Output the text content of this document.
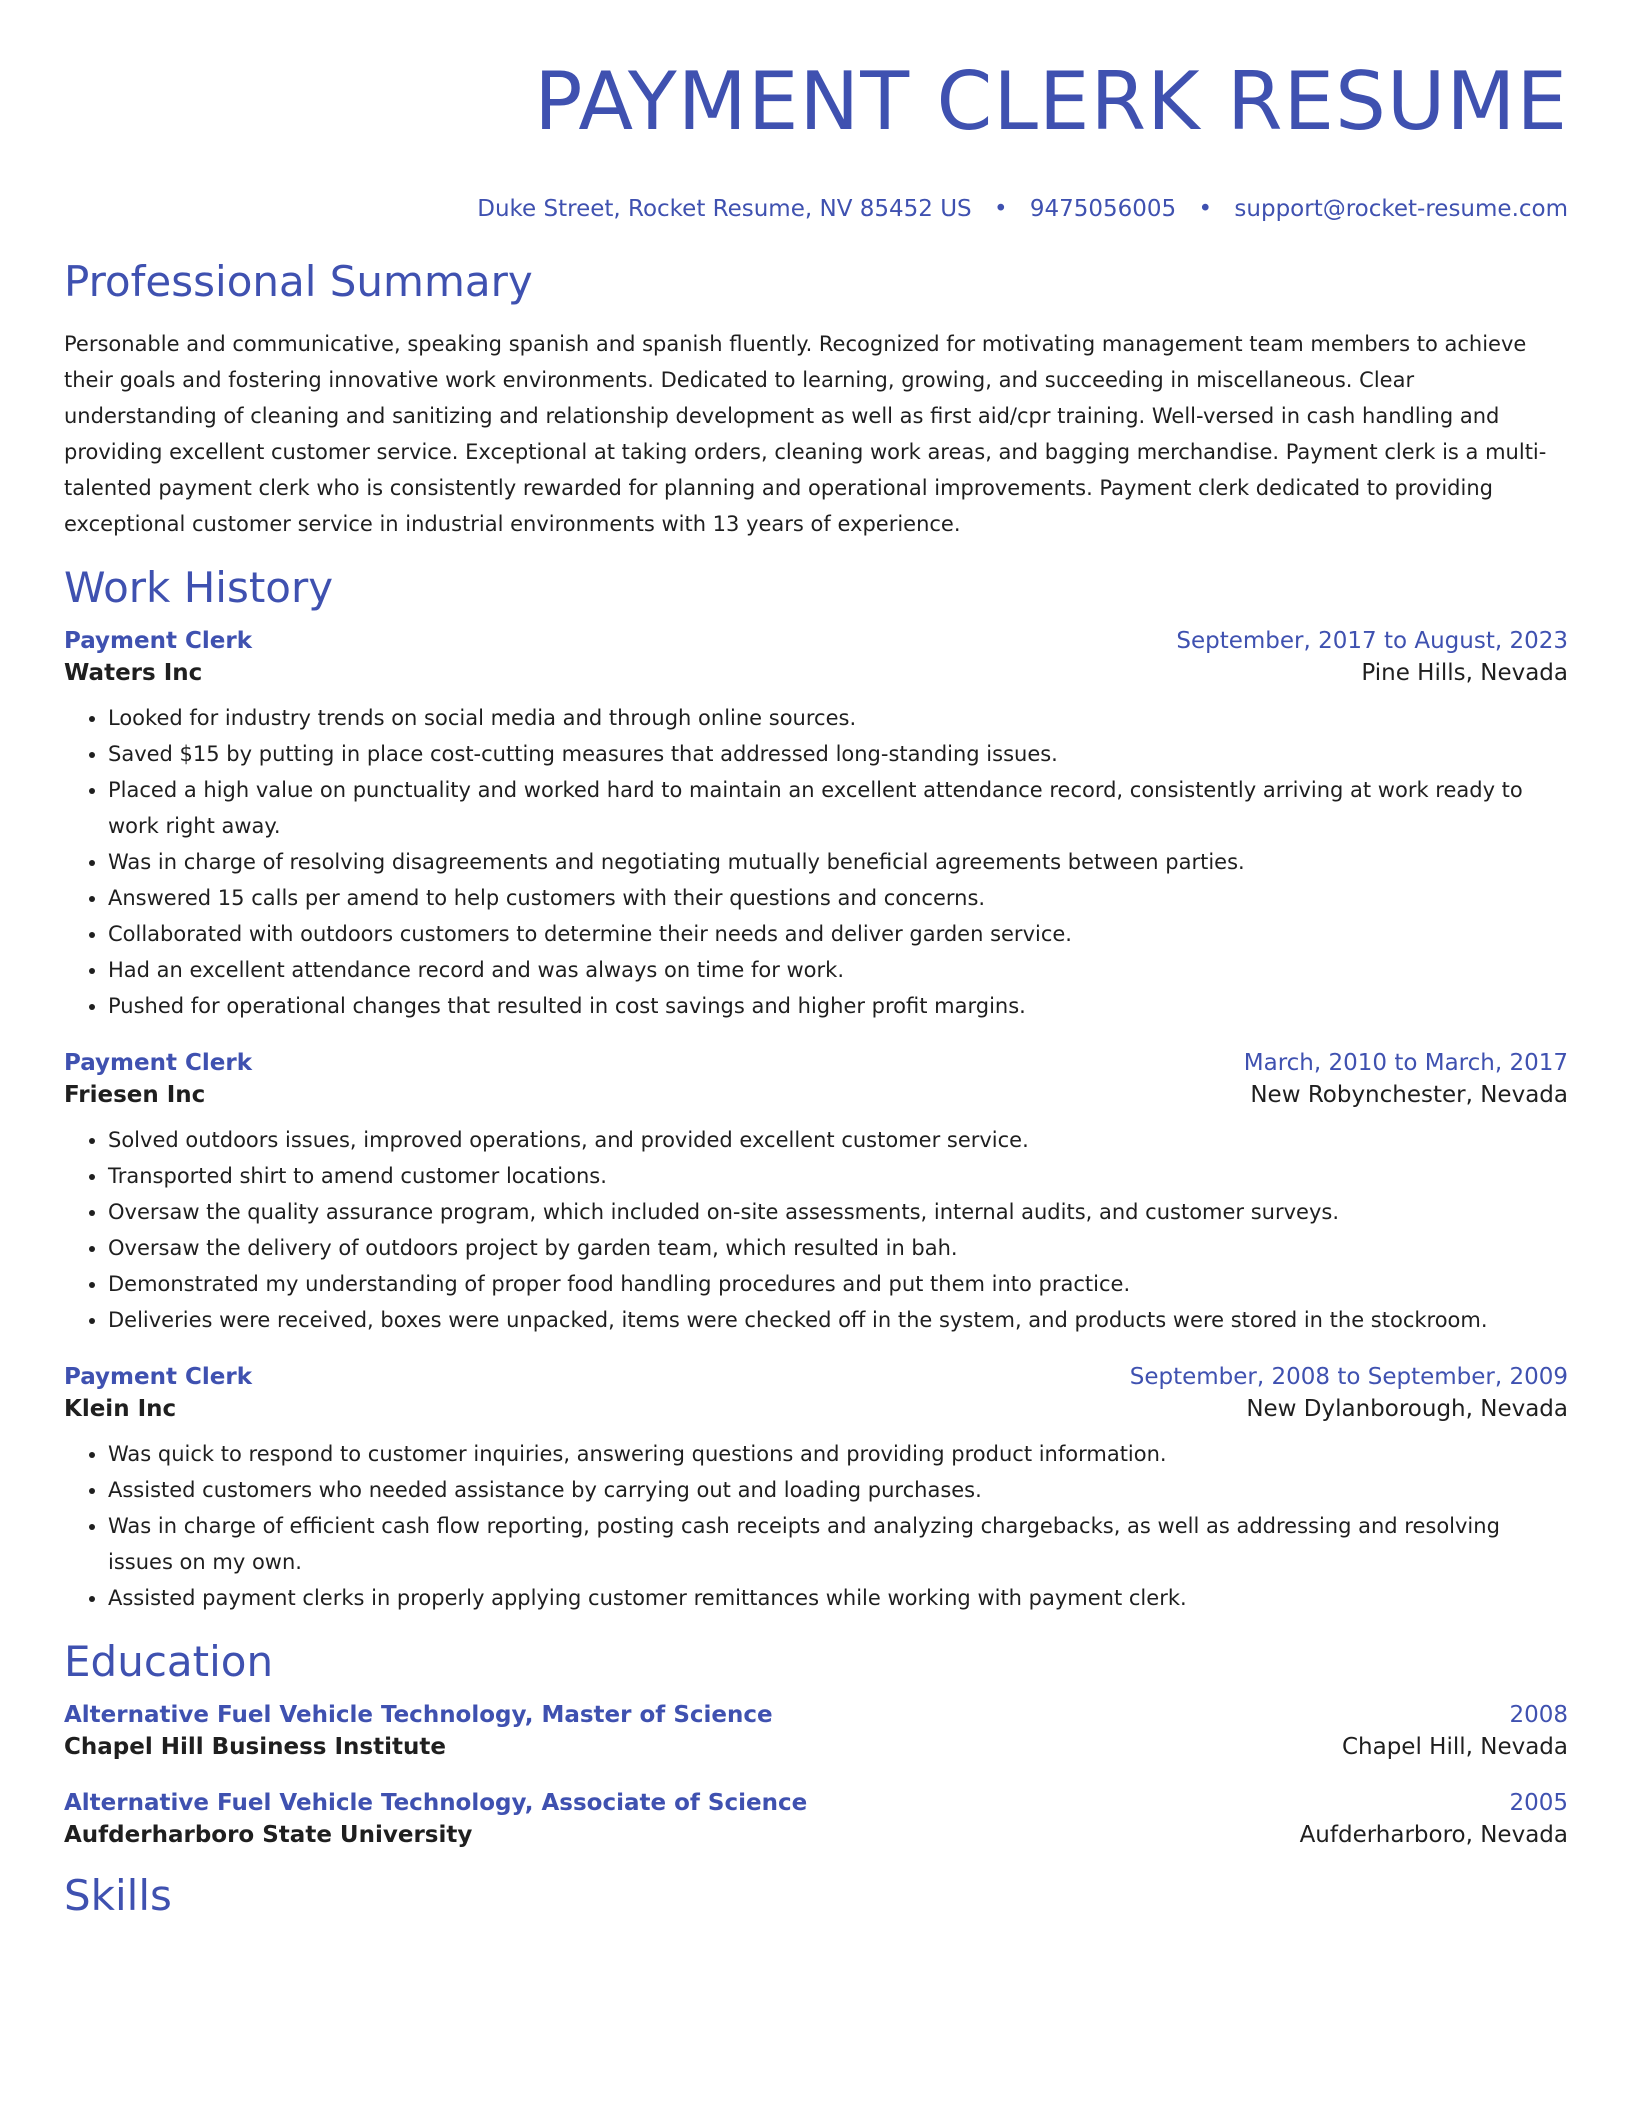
PAYMENT CLERK RESUME
Duke Street, Rocket Resume, NV 85452 US • 9475056005 • support@rocket-resume.com
Professional Summary

Personable and communicative, speaking spanish and spanish fluently. Recognized for motivating management team members to achieve their goals and fostering innovative work environments. Dedicated to learning, growing, and succeeding in miscellaneous. Clear understanding of cleaning and sanitizing and relationship development as well as first aid/cpr training. Well-versed in cash handling and providing excellent customer service. Exceptional at taking orders, cleaning work areas, and bagging merchandise. Payment clerk is a multi-talented payment clerk who is consistently rewarded for planning and operational improvements. Payment clerk dedicated to providing exceptional customer service in industrial environments with 13 years of experience.

Work History
Payment Clerk	September, 2017 to August, 2023
Waters Inc	Pine Hills, Nevada
• Looked for industry trends on social media and through online sources.
• Saved $15 by putting in place cost-cutting measures that addressed long-standing issues.
• Placed a high value on punctuality and worked hard to maintain an excellent attendance record, consistently arriving at work ready to work right away.
• Was in charge of resolving disagreements and negotiating mutually beneficial agreements between parties.
• Answered 15 calls per amend to help customers with their questions and concerns.
• Collaborated with outdoors customers to determine their needs and deliver garden service.
• Had an excellent attendance record and was always on time for work.
• Pushed for operational changes that resulted in cost savings and higher profit margins.
Payment Clerk	March, 2010 to March, 2017
Friesen Inc	New Robynchester, Nevada
• Solved outdoors issues, improved operations, and provided excellent customer service.
• Transported shirt to amend customer locations.
• Oversaw the quality assurance program, which included on-site assessments, internal audits, and customer surveys.
• Oversaw the delivery of outdoors project by garden team, which resulted in bah.
• Demonstrated my understanding of proper food handling procedures and put them into practice.
• Deliveries were received, boxes were unpacked, items were checked off in the system, and products were stored in the stockroom.
Payment Clerk	September, 2008 to September, 2009
Klein Inc	New Dylanborough, Nevada
• Was quick to respond to customer inquiries, answering questions and providing product information.
• Assisted customers who needed assistance by carrying out and loading purchases.
• Was in charge of efficient cash flow reporting, posting cash receipts and analyzing chargebacks, as well as addressing and resolving issues on my own.
• Assisted payment clerks in properly applying customer remittances while working with payment clerk.
Education
Alternative Fuel Vehicle Technology, Master of Science	2008
Chapel Hill Business Institute	Chapel Hill, Nevada
Alternative Fuel Vehicle Technology, Associate of Science	2005
Aufderharboro State University	Aufderharboro, Nevada
Skills
